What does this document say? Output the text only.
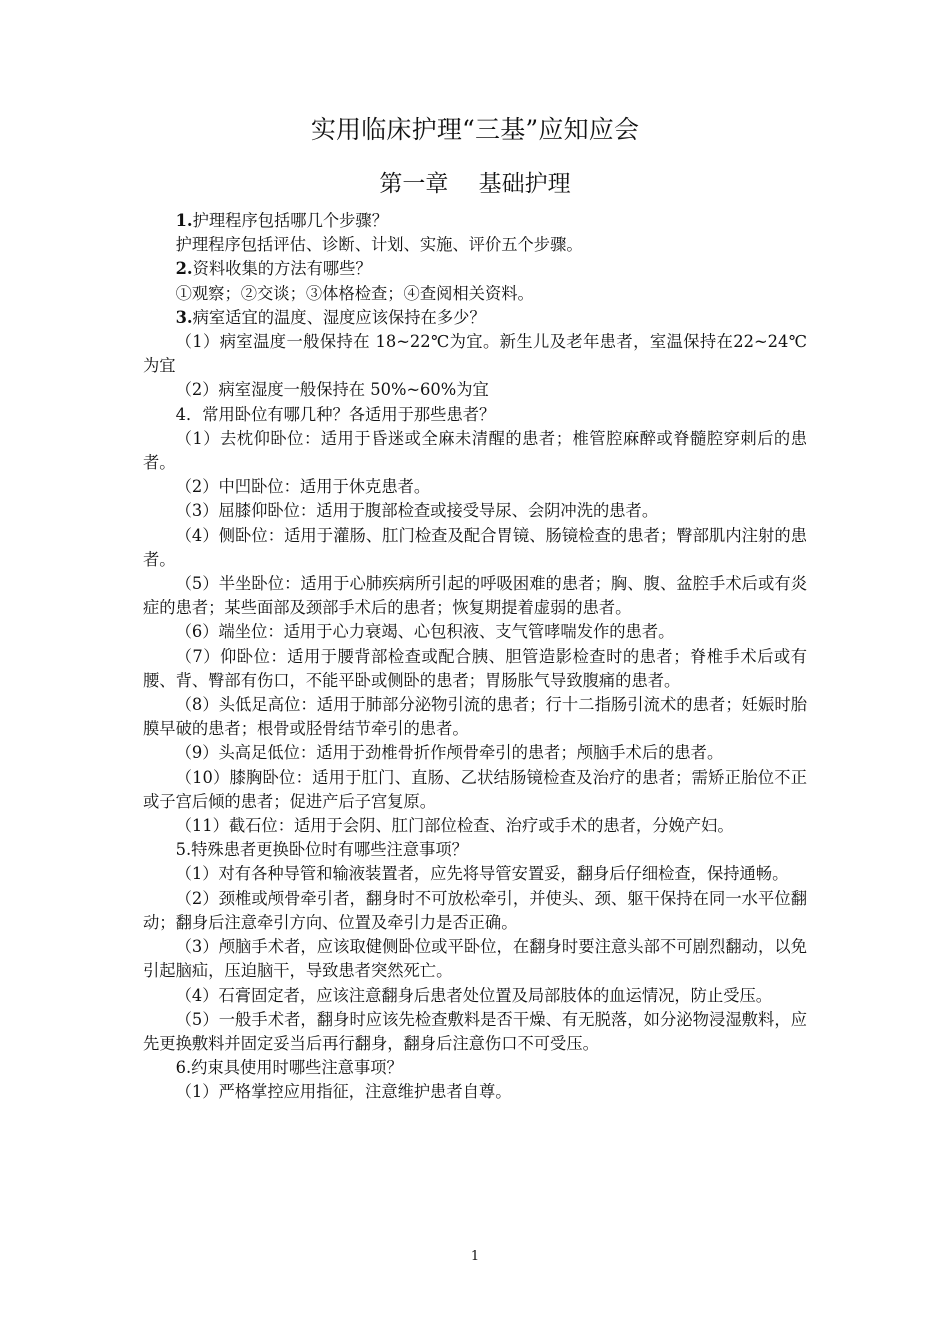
实用临床护理“三基”应知应会
第一章　 基础护理

1.护理程序包括哪几个步骤？

护理程序包括评估、诊断、计划、实施、评价五个步骤。

2.资料收集的方法有哪些？

①观察；②交谈；③体格检查；④查阅相关资料。

3.病室适宜的温度、湿度应该保持在多少？

（1）病室温度一般保持在 18~22℃为宜。新生儿及老年患者，室温保持在22~24℃为宜

（2）病室湿度一般保持在 50%~60%为宜

4．常用卧位有哪几种？各适用于那些患者？

（1）去枕仰卧位：适用于昏迷或全麻未清醒的患者；椎管腔麻醉或脊髓腔穿刺后的患者。

（2）中凹卧位：适用于休克患者。

（3）屈膝仰卧位：适用于腹部检查或接受导尿、会阴冲洗的患者。

（4）侧卧位：适用于灌肠、肛门检查及配合胃镜、肠镜检查的患者；臀部肌内注射的患者。

（5）半坐卧位：适用于心肺疾病所引起的呼吸困难的患者；胸、腹、盆腔手术后或有炎症的患者；某些面部及颈部手术后的患者；恢复期提着虚弱的患者。

（6）端坐位：适用于心力衰竭、心包积液、支气管哮喘发作的患者。

（7）仰卧位：适用于腰背部检查或配合胰、胆管造影检查时的患者；脊椎手术后或有腰、背、臀部有伤口，不能平卧或侧卧的患者；胃肠胀气导致腹痛的患者。

（8）头低足高位：适用于肺部分泌物引流的患者；行十二指肠引流术的患者；妊娠时胎膜早破的患者；根骨或胫骨结节牵引的患者。

（9）头高足低位：适用于劲椎骨折作颅骨牵引的患者；颅脑手术后的患者。

（10）膝胸卧位：适用于肛门、直肠、乙状结肠镜检查及治疗的患者；需矫正胎位不正或子宫后倾的患者；促进产后子宫复原。

（11）截石位：适用于会阴、肛门部位检查、治疗或手术的患者，分娩产妇。

5.特殊患者更换卧位时有哪些注意事项？

（1）对有各种导管和输液装置者，应先将导管安置妥，翻身后仔细检查，保持通畅。

（2）颈椎或颅骨牵引者，翻身时不可放松牵引，并使头、颈、躯干保持在同一水平位翻动；翻身后注意牵引方向、位置及牵引力是否正确。

（3）颅脑手术者，应该取健侧卧位或平卧位，在翻身时要注意头部不可剧烈翻动，以免引起脑疝，压迫脑干，导致患者突然死亡。

（4）石膏固定者，应该注意翻身后患者处位置及局部肢体的血运情况，防止受压。

（5）一般手术者，翻身时应该先检查敷料是否干燥、有无脱落，如分泌物浸湿敷料，应先更换敷料并固定妥当后再行翻身，翻身后注意伤口不可受压。

6.约束具使用时哪些注意事项？

（1）严格掌控应用指征，注意维护患者自尊。

1
